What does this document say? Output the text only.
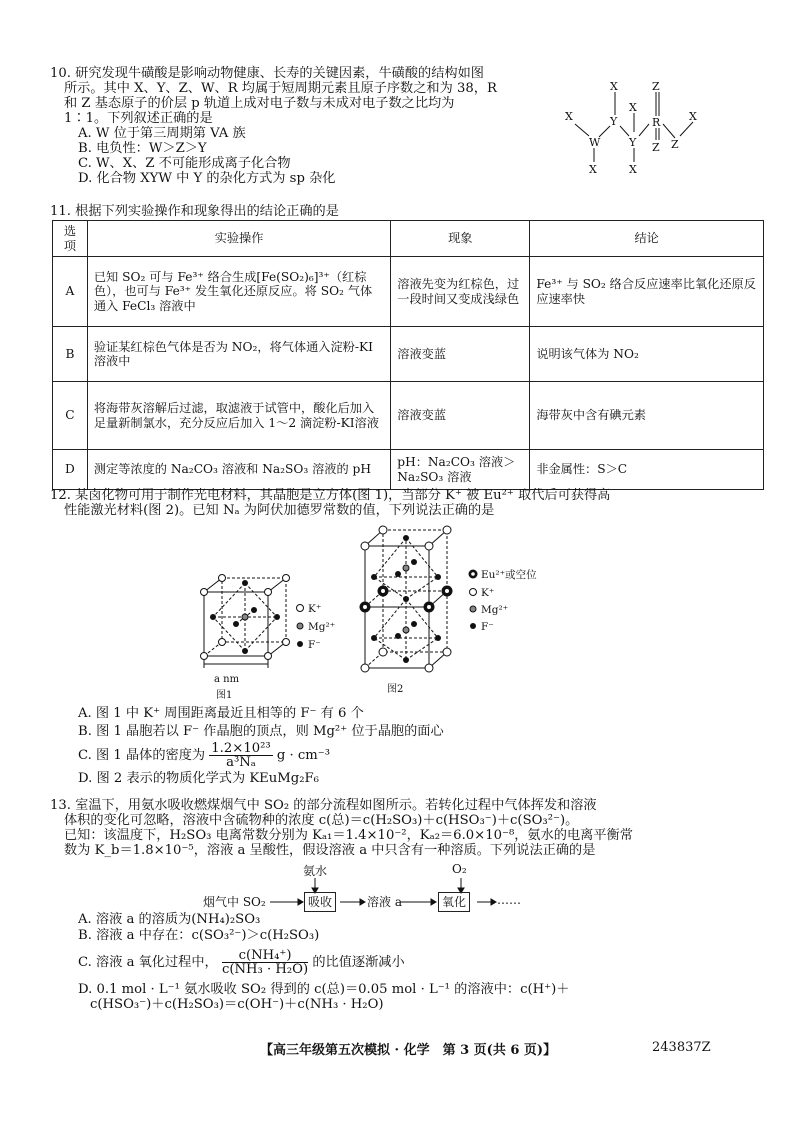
10. 研究发现牛磺酸是影响动物健康、长寿的关键因素，牛磺酸的结构如图
所示。其中 X、Y、Z、W、R 均属于短周期元素且原子序数之和为 38，R
和 Z 基态原子的价层 p 轨道上成对电子数与未成对电子数之比均为
1∶1。下列叙述正确的是
A. W 位于第三周期第 VA 族
B. 电负性：W＞Z＞Y
C. W、X、Z 不可能形成离子化合物
D. 化合物 XYW 中 Y 的杂化方式为 sp 杂化
X
W
X
X
Y
X
Y
X
Z
R
Z Z
X
11. 根据下列实验操作和现象得出的结论正确的是
选项	实验操作	现象	结论
A	已知 SO₂ 可与 Fe³⁺ 络合生成[Fe(SO₂)₆]³⁺（红棕色），也可与 Fe³⁺ 发生氧化还原反应。将 SO₂ 气体通入 FeCl₃ 溶液中	溶液先变为红棕色，过一段时间又变成浅绿色	Fe³⁺ 与 SO₂ 络合反应速率比氧化还原反应速率快
B	验证某红棕色气体是否为 NO₂，将气体通入淀粉-KI溶液中	溶液变蓝	说明该气体为 NO₂
C	将海带灰溶解后过滤，取滤液于试管中，酸化后加入足量新制氯水，充分反应后加入 1～2 滴淀粉-KI溶液	溶液变蓝	海带灰中含有碘元素
D	测定等浓度的 Na₂CO₃ 溶液和 Na₂SO₃ 溶液的 pH	pH：Na₂CO₃ 溶液＞Na₂SO₃ 溶液	非金属性：S＞C
12. 某卤化物可用于制作光电材料，其晶胞是立方体(图 1)，当部分 K⁺ 被 Eu²⁺ 取代后可获得高
性能激光材料(图 2)。已知 Nₐ 为阿伏加德罗常数的值，下列说法正确的是
a nm
图1
K⁺
Mg²⁺
F⁻
图2
Eu²⁺或空位
K⁺
Mg²⁺
F⁻
A. 图 1 中 K⁺ 周围距离最近且相等的 F⁻ 有 6 个
B. 图 1 晶胞若以 F⁻ 作晶胞的顶点，则 Mg²⁺ 位于晶胞的面心
C. 图 1 晶体的密度为 $\frac{\text{1.2×10²³}}{\text{a³Nₐ}}$ g · cm⁻³
D. 图 2 表示的物质化学式为 KEuMg₂F₆
13. 室温下，用氨水吸收燃煤烟气中 SO₂ 的部分流程如图所示。若转化过程中气体挥发和溶液
体积的变化可忽略，溶液中含硫物种的浓度 c(总)＝c(H₂SO₃)＋c(HSO₃⁻)＋c(SO₃²⁻)。
已知：该温度下，H₂SO₃ 电离常数分别为 Kₐ₁＝1.4×10⁻²，Kₐ₂＝6.0×10⁻⁸，氨水的电离平衡常
数为 K_b＝1.8×10⁻⁵，溶液 a 呈酸性，假设溶液 a 中只含有一种溶质。下列说法正确的是
氨水	O₂
烟气中 SO₂	吸收	溶液 a	氧化	……
A. 溶液 a 的溶质为(NH₄)₂SO₃
B. 溶液 a 中存在：c(SO₃²⁻)＞c(H₂SO₃)
C. 溶液 a 氧化过程中， $\frac{\text{c(NH₄⁺)}}{\text{c(NH₃ · H₂O)}}$ 的比值逐渐减小
D. 0.1 mol · L⁻¹ 氨水吸收 SO₂ 得到的 c(总)＝0.05 mol · L⁻¹ 的溶液中：c(H⁺)＋
c(HSO₃⁻)＋c(H₂SO₃)＝c(OH⁻)＋c(NH₃ · H₂O)
【高三年级第五次模拟 · 化学　第 3 页(共 6 页)】	243837Z
